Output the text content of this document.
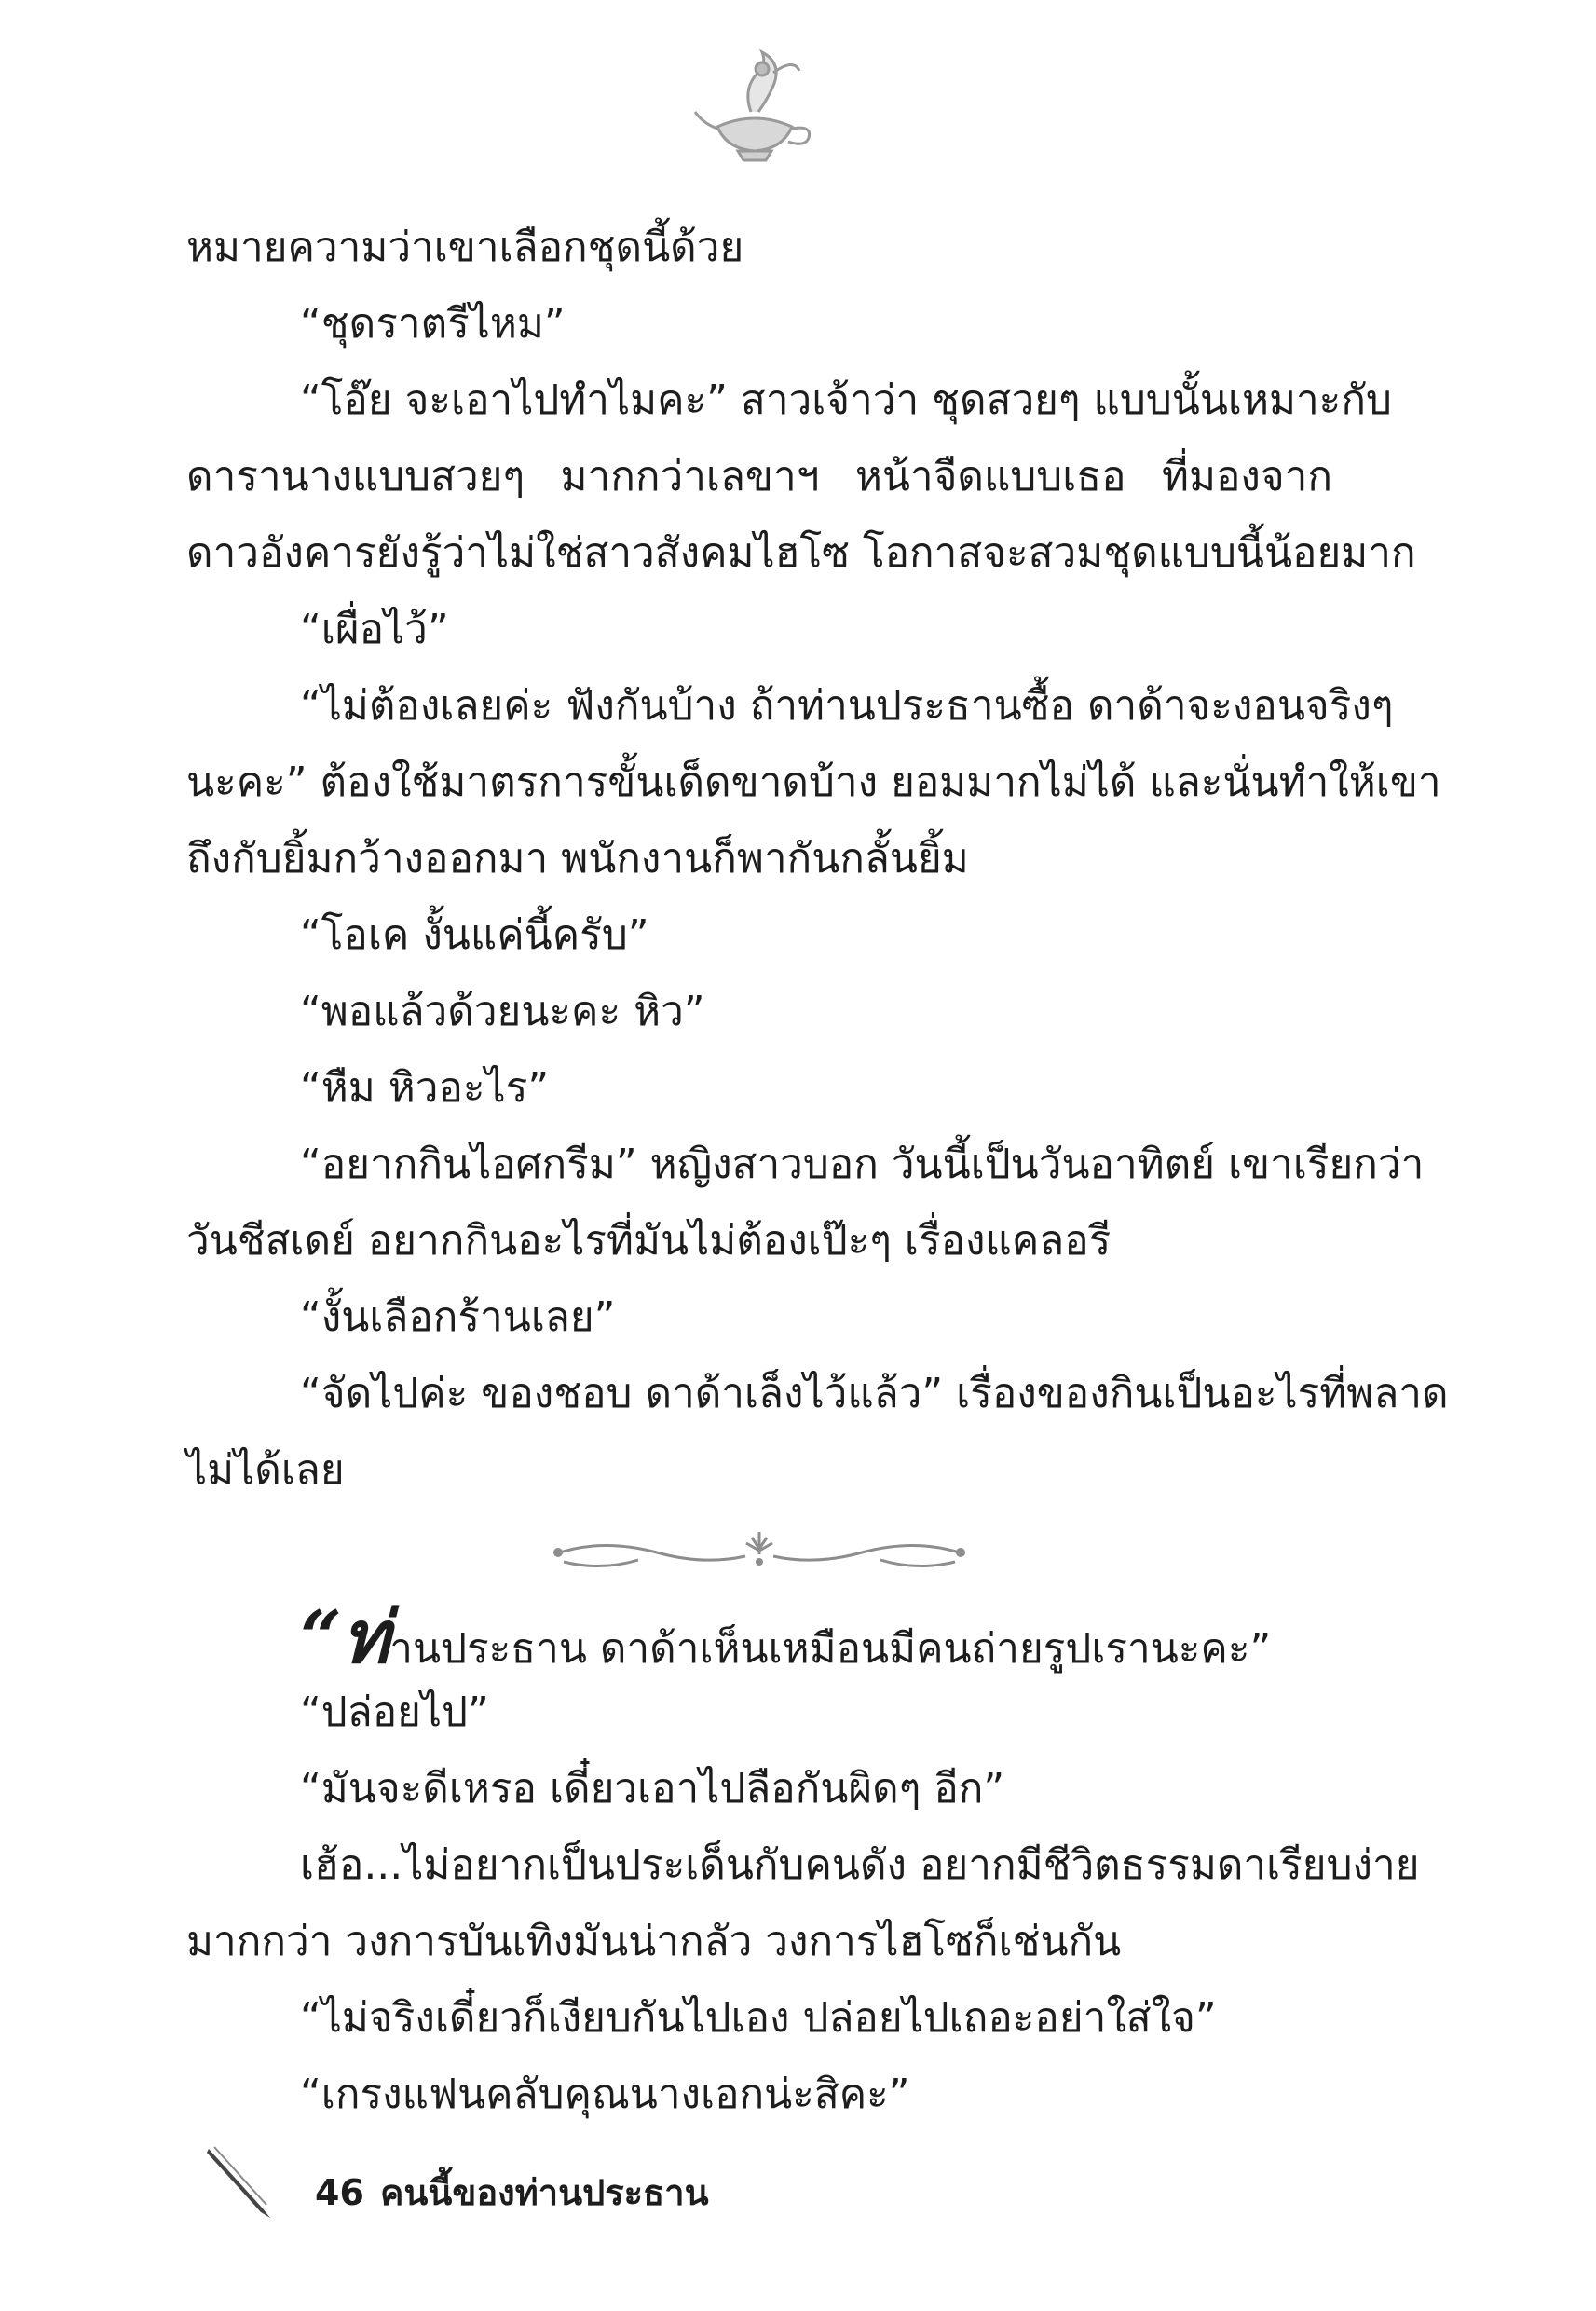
หมายความว่าเขาเลือกชุดนี้ด้วย
“ชุดราตรีไหม”
“โอ๊ย จะเอาไปทำไมคะ” สาวเจ้าว่า ชุดสวยๆ แบบนั้นเหมาะกับ
ดารานางแบบสวยๆ มากกว่าเลขาฯ หน้าจืดแบบเธอ ที่มองจาก
ดาวอังคารยังรู้ว่าไม่ใช่สาวสังคมไฮโซ โอกาสจะสวมชุดแบบนี้น้อยมาก
“เผื่อไว้”
“ไม่ต้องเลยค่ะ ฟังกันบ้าง ถ้าท่านประธานซื้อ ดาด้าจะงอนจริงๆ
นะคะ” ต้องใช้มาตรการขั้นเด็ดขาดบ้าง ยอมมากไม่ได้ และนั่นทำให้เขา
ถึงกับยิ้มกว้างออกมา พนักงานก็พากันกลั้นยิ้ม
“โอเค งั้นแค่นี้ครับ”
“พอแล้วด้วยนะคะ หิว”
“หืม หิวอะไร”
“อยากกินไอศกรีม” หญิงสาวบอก วันนี้เป็นวันอาทิตย์ เขาเรียกว่า
วันชีสเดย์ อยากกินอะไรที่มันไม่ต้องเป๊ะๆ เรื่องแคลอรี
“งั้นเลือกร้านเลย”
“จัดไปค่ะ ของชอบ ดาด้าเล็งไว้แล้ว” เรื่องของกินเป็นอะไรที่พลาด
ไม่ได้เลย
“ท่านประธาน ดาด้าเห็นเหมือนมีคนถ่ายรูปเรานะคะ”
“ปล่อยไป”
“มันจะดีเหรอ เดี๋ยวเอาไปลือกันผิดๆ อีก”
เฮ้อ...ไม่อยากเป็นประเด็นกับคนดัง อยากมีชีวิตธรรมดาเรียบง่าย
มากกว่า วงการบันเทิงมันน่ากลัว วงการไฮโซก็เช่นกัน
“ไม่จริงเดี๋ยวก็เงียบกันไปเอง ปล่อยไปเถอะอย่าใส่ใจ”
“เกรงแฟนคลับคุณนางเอกน่ะสิคะ”
46 คนนี้ของท่านประธาน
